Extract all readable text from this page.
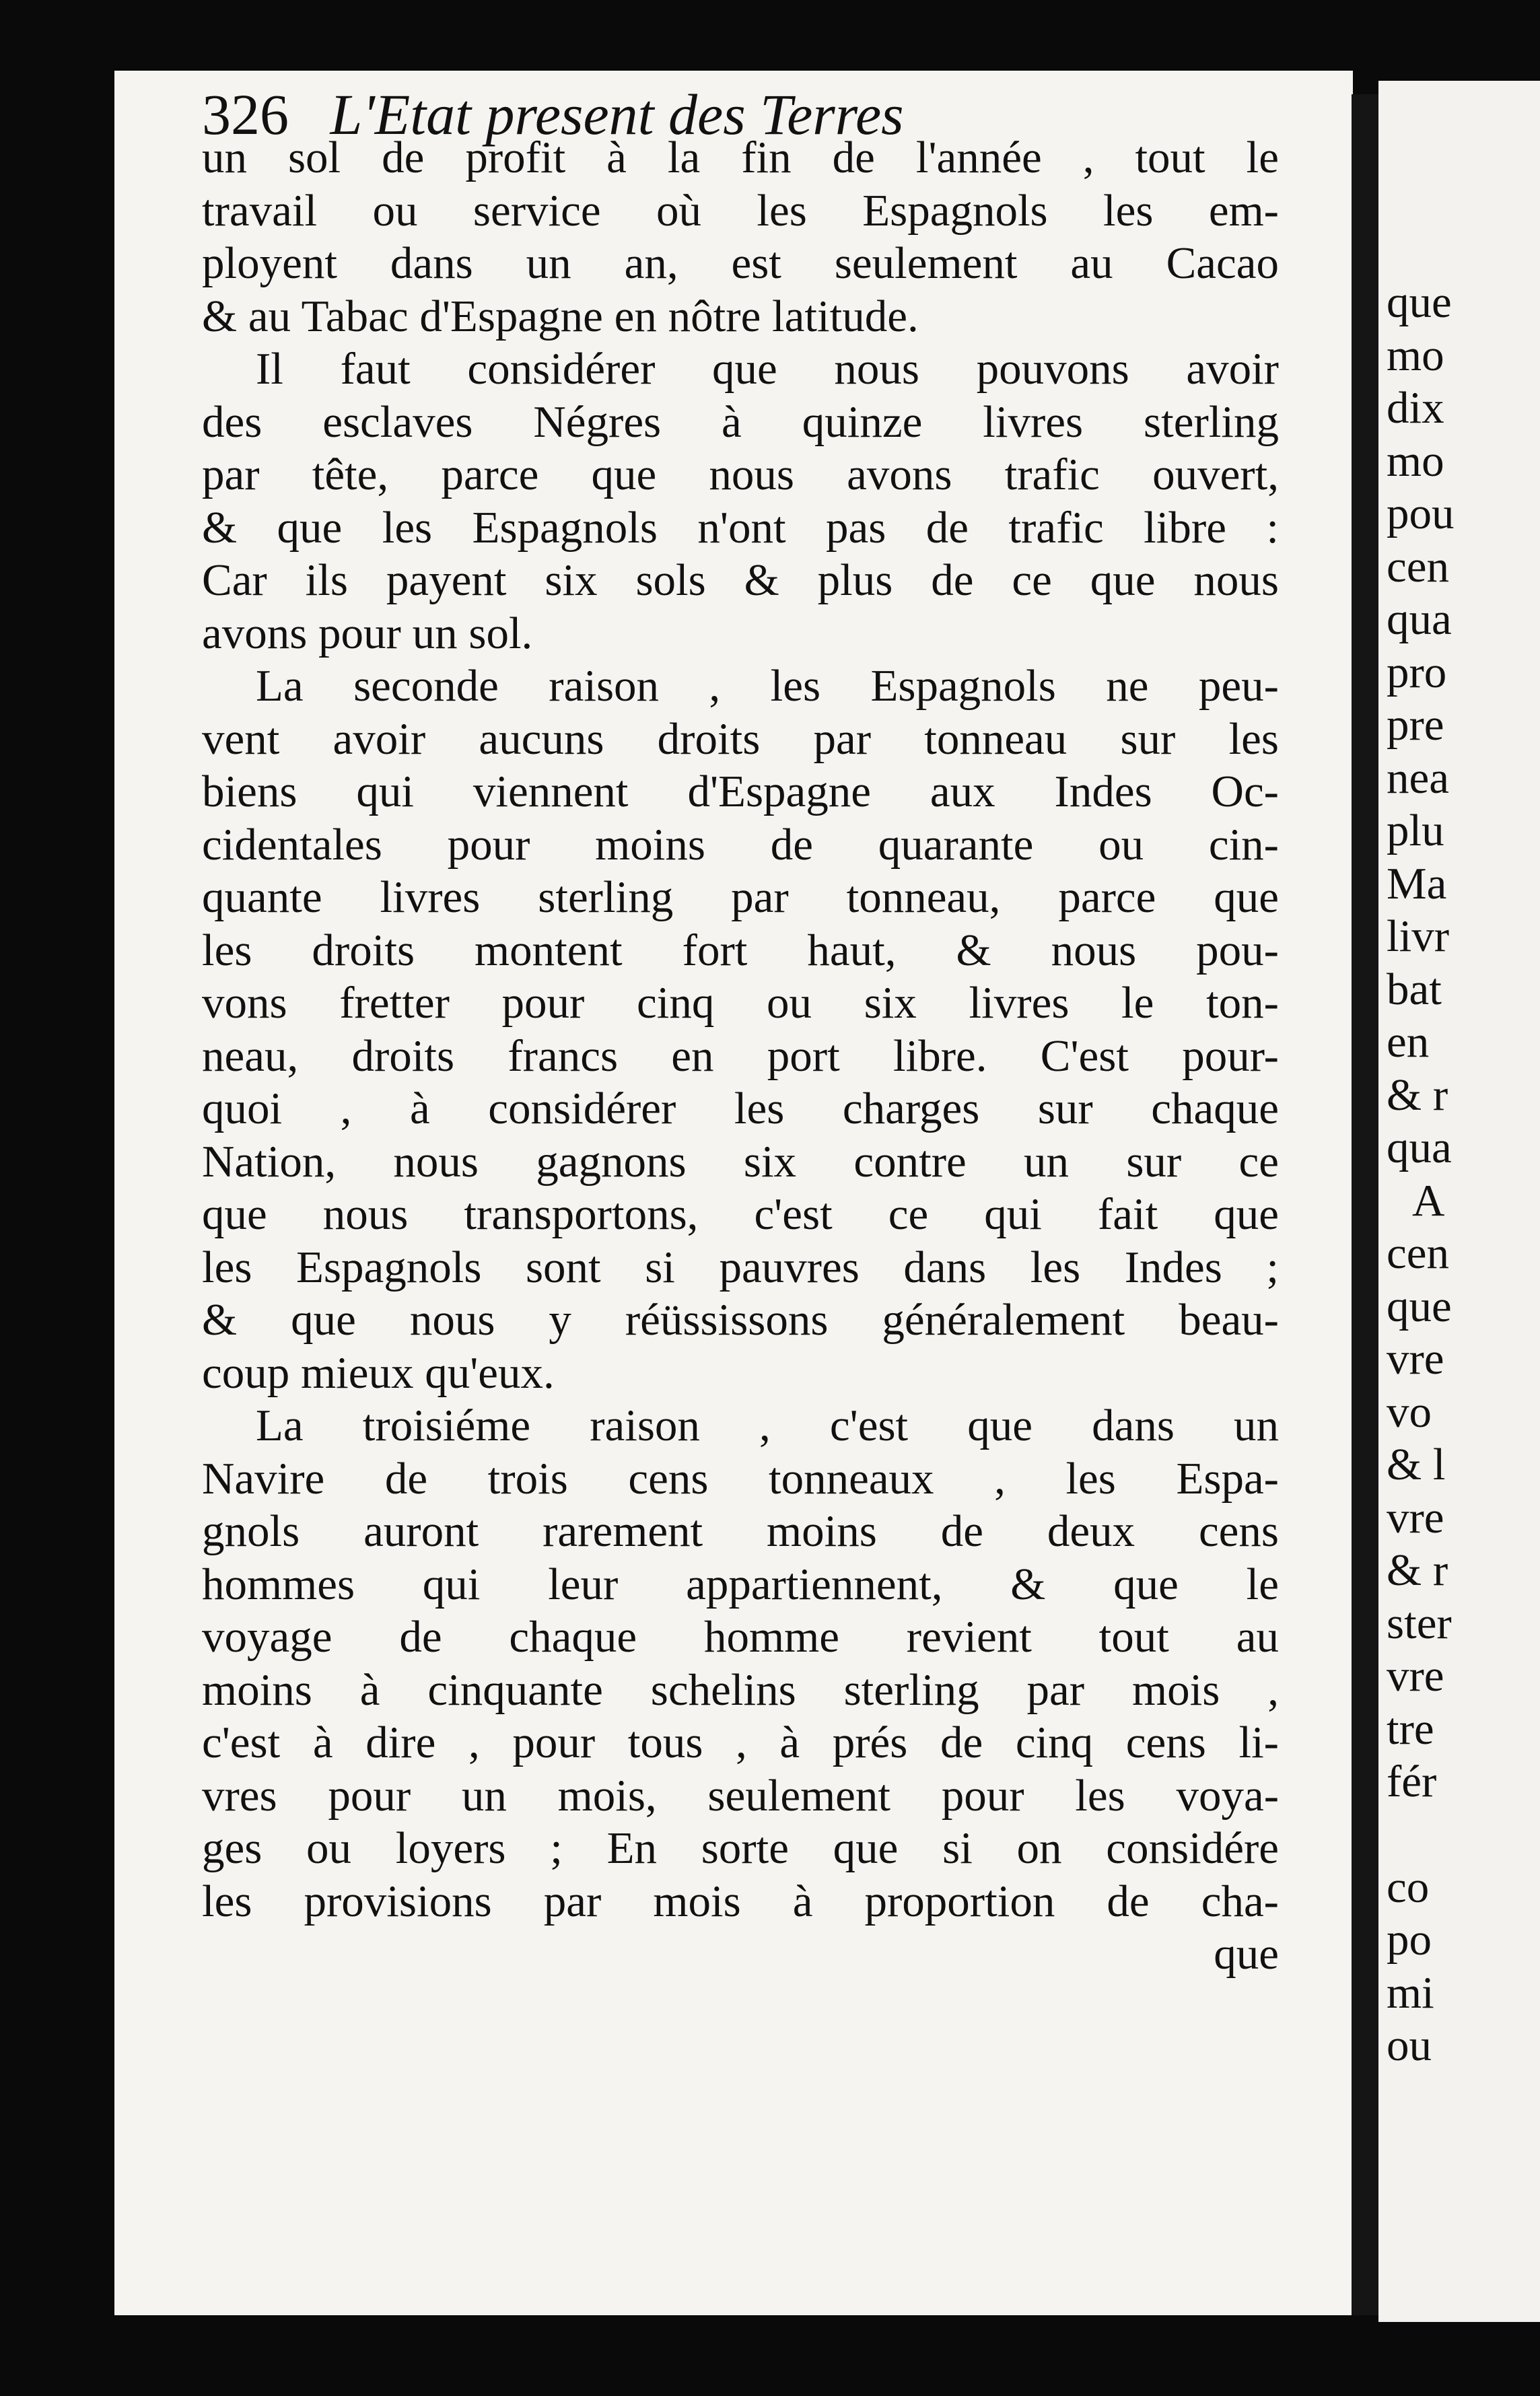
326 L'Etat present des Terres
un sol de profit à la fin de l'année , tout le
travail ou service où les Espagnols les em-
ployent dans un an, est seulement au Cacao
& au Tabac d'Espagne en nôtre latitude.
Il faut considérer que nous pouvons avoir
des esclaves Négres à quinze livres sterling
par tête, parce que nous avons trafic ouvert,
& que les Espagnols n'ont pas de trafic libre :
Car ils payent six sols & plus de ce que nous
avons pour un sol.
La seconde raison , les Espagnols ne peu-
vent avoir aucuns droits par tonneau sur les
biens qui viennent d'Espagne aux Indes Oc-
cidentales pour moins de quarante ou cin-
quante livres sterling par tonneau, parce que
les droits montent fort haut, & nous pou-
vons fretter pour cinq ou six livres le ton-
neau, droits francs en port libre. C'est pour-
quoi , à considérer les charges sur chaque
Nation, nous gagnons six contre un sur ce
que nous transportons, c'est ce qui fait que
les Espagnols sont si pauvres dans les Indes ;
& que nous y réüssissons généralement beau-
coup mieux qu'eux.
La troisiéme raison , c'est que dans un
Navire de trois cens tonneaux , les Espa-
gnols auront rarement moins de deux cens
hommes qui leur appartiennent, & que le
voyage de chaque homme revient tout au
moins à cinquante schelins sterling par mois ,
c'est à dire , pour tous , à prés de cinq cens li-
vres pour un mois, seulement pour les voya-
ges ou loyers ; En sorte que si on considére
les provisions par mois à proportion de cha-
que
que
mo
dix
mo
pou
cen
qua
pro
pre
nea
plu
Ma
livr
bat
en
& r
qua
A
cen
que
vre
vo
& l
vre
& r
ster
vre
tre
fér
co
po
mi
ou
